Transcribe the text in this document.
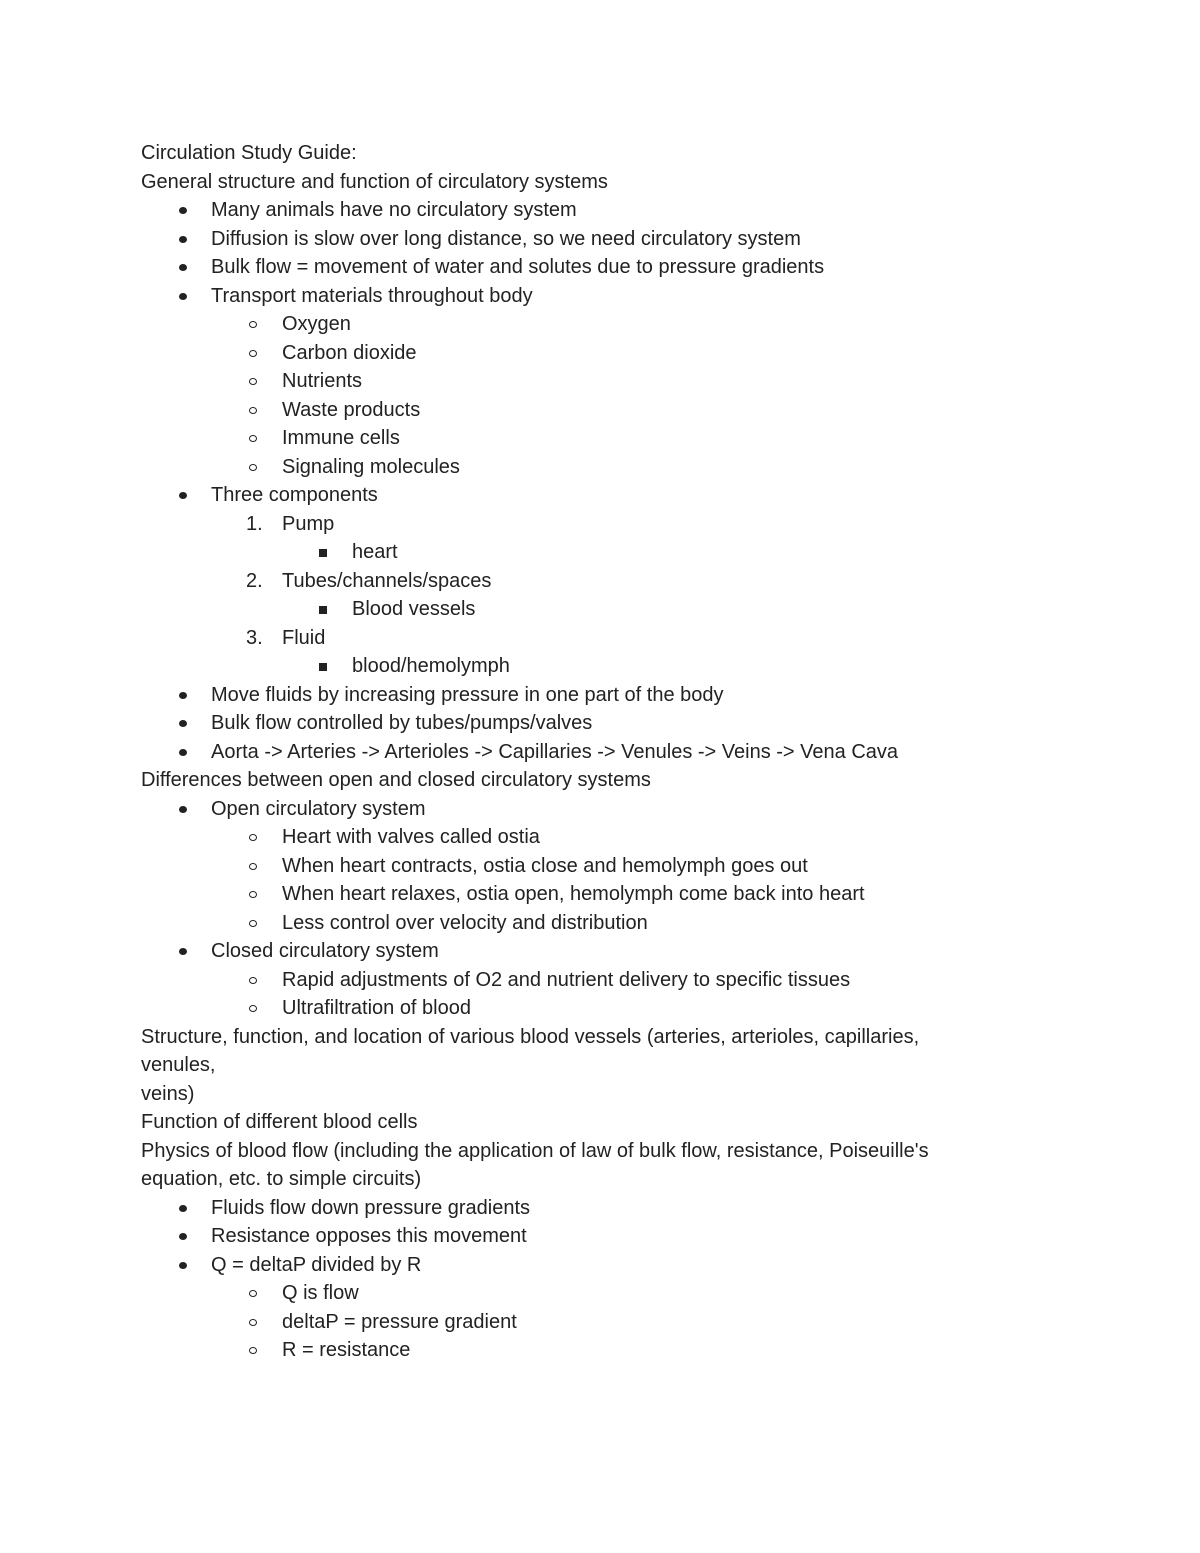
Circulation Study Guide:
General structure and function of circulatory systems
Many animals have no circulatory system
Diffusion is slow over long distance, so we need circulatory system
Bulk flow = movement of water and solutes due to pressure gradients
Transport materials throughout body
Oxygen
Carbon dioxide
Nutrients
Waste products
Immune cells
Signaling molecules
Three components
1. Pump
heart
2. Tubes/channels/spaces
Blood vessels
3. Fluid
blood/hemolymph
Move fluids by increasing pressure in one part of the body
Bulk flow controlled by tubes/pumps/valves
Aorta -> Arteries -> Arterioles -> Capillaries -> Venules -> Veins -> Vena Cava
Differences between open and closed circulatory systems
Open circulatory system
Heart with valves called ostia
When heart contracts, ostia close and hemolymph goes out
When heart relaxes, ostia open, hemolymph come back into heart
Less control over velocity and distribution
Closed circulatory system
Rapid adjustments of O2 and nutrient delivery to specific tissues
Ultrafiltration of blood
Structure, function, and location of various blood vessels (arteries, arterioles, capillaries,
venules,
veins)
Function of different blood cells
Physics of blood flow (including the application of law of bulk flow, resistance, Poiseuille's
equation, etc. to simple circuits)
Fluids flow down pressure gradients
Resistance opposes this movement
Q = deltaP divided by R
Q is flow
deltaP = pressure gradient
R = resistance
